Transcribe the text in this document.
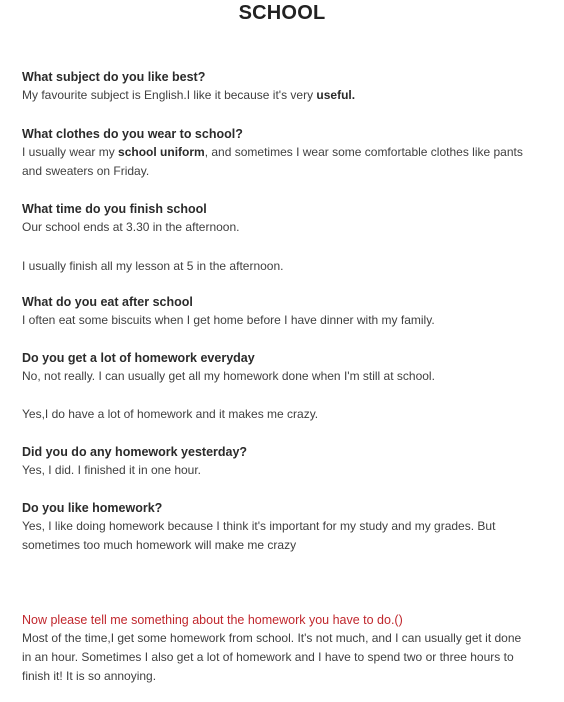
SCHOOL
What subject do you like best?
My favourite subject is English.I like it because it's very useful.
What clothes do you wear to school?
I usually wear my school uniform, and sometimes I wear some comfortable clothes like pants and sweaters on Friday.
What time do you finish school
Our school ends at 3.30 in the afternoon.
I usually finish all my lesson at 5 in the afternoon.
What do you eat after school
I often eat some biscuits when I get home before I have dinner with my family.
Do you get a lot of homework everyday
No, not really. I can usually get all my homework done when I'm still at school.
Yes,I do have a lot of homework and it makes me crazy.
Did you do any homework yesterday?
Yes, I did. I finished it in one hour.
Do you like homework?
Yes, I like doing homework because I think it's important for my study and my grades. But sometimes too much homework will make me crazy
Now please tell me something about the homework you have to do.()
Most of the time,I get some homework from school. It's not much, and I can usually get it done in an hour. Sometimes I also get a lot of homework and I have to spend two or three hours to finish it! It is so annoying.
